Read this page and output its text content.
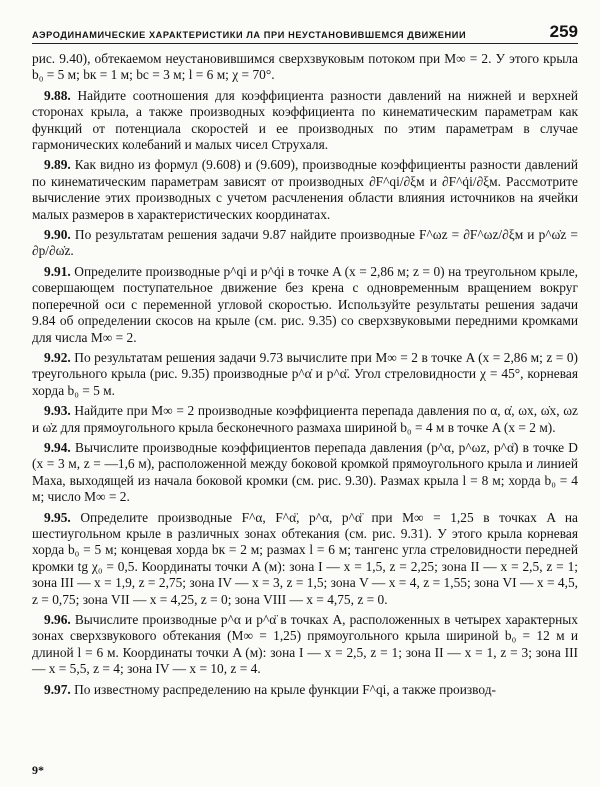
АЭРОДИНАМИЧЕСКИЕ ХАРАКТЕРИСТИКИ ЛА ПРИ НЕУСТАНОВИВШЕМСЯ ДВИЖЕНИИ	259

рис. 9.40), обтекаемом неустановившимся сверхзвуковым потоком при M∞ = 2. У этого крыла b₀ = 5 м; bк = 1 м; bс = 3 м; l = 6 м; χ = 70°.

9.88. Найдите соотношения для коэффициента разности давлений на нижней и верхней сторонах крыла, а также производных коэффициента по кинематическим параметрам как функций от потенциала скоростей и ее производных по этим параметрам в случае гармонических колебаний и малых чисел Струхаля.

9.89. Как видно из формул (9.608) и (9.609), производные коэффициенты разности давлений по кинематическим параметрам зависят от производных ∂F^qi/∂ξм и ∂F^q̇i/∂ξм. Рассмотрите вычисление этих производных с учетом расчленения области влияния источников на ячейки малых размеров в характеристических координатах.

9.90. По результатам решения задачи 9.87 найдите производные F^ωz = ∂F^ωz/∂ξм и p^ω̇z = ∂p/∂ω̇z.

9.91. Определите производные p^qi и p^q̇i в точке A (x = 2,86 м; z = 0) на треугольном крыле, совершающем поступательное движение без крена с одновременным вращением вокруг поперечной оси с переменной угловой скоростью. Используйте результаты решения задачи 9.84 об определении скосов на крыле (см. рис. 9.35) со сверхзвуковыми передними кромками для числа M∞ = 2.

9.92. По результатам решения задачи 9.73 вычислите при M∞ = 2 в точке A (x = 2,86 м; z = 0) треугольного крыла (рис. 9.35) производные p^α̇ и p^α̈. Угол стреловидности χ = 45°, корневая хорда b₀ = 5 м.

9.93. Найдите при M∞ = 2 производные коэффициента перепада давления по α, α̇, ωx, ω̇x, ωz и ω̇z для прямоугольного крыла бесконечного размаха шириной b₀ = 4 м в точке A (x = 2 м).

9.94. Вычислите производные коэффициентов перепада давления (p^α, p^ωz, p^α̈) в точке D (x = 3 м, z = —1,6 м), расположенной между боковой кромкой прямоугольного крыла и линией Маха, выходящей из начала боковой кромки (см. рис. 9.30). Размах крыла l = 8 м; хорда b₀ = 4 м; число M∞ = 2.

9.95. Определите производные F^α, F^α̈, p^α, p^α̈ при M∞ = 1,25 в точках A на шестиугольном крыле в различных зонах обтекания (см. рис. 9.31). У этого крыла корневая хорда b₀ = 5 м; концевая хорда bк = 2 м; размах l = 6 м; тангенс угла стреловидности передней кромки tg χ₀ = 0,5. Координаты точки A (м): зона I — x = 1,5, z = 2,25; зона II — x = 2,5, z = 1; зона III — x = 1,9, z = 2,75; зона IV — x = 3, z = 1,5; зона V — x = 4, z = 1,55; зона VI — x = 4,5, z = 0,75; зона VII — x = 4,25, z = 0; зона VIII — x = 4,75, z = 0.

9.96. Вычислите производные p^α и p^α̈ в точках A, расположенных в четырех характерных зонах сверхзвукового обтекания (M∞ = 1,25) прямоугольного крыла шириной b₀ = 12 м и длиной l = 6 м. Координаты точки A (м): зона I — x = 2,5, z = 1; зона II — x = 1, z = 3; зона III — x = 5,5, z = 4; зона IV — x = 10, z = 4.

9.97. По известному распределению на крыле функции F^qi, а также производ-

9*
